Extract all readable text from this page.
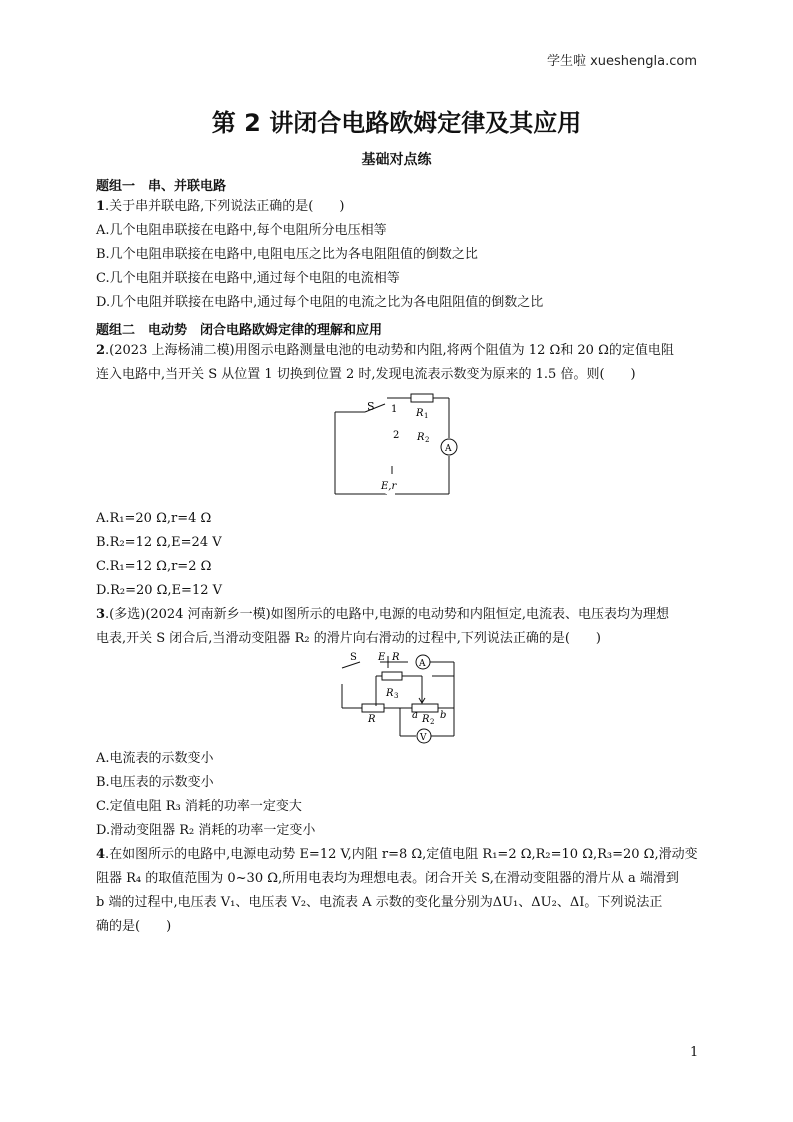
学生啦 xueshengla.com
第 2 讲闭合电路欧姆定律及其应用
基础对点练
题组一　串、并联电路
1.关于串并联电路,下列说法正确的是(　　)
A.几个电阻串联接在电路中,每个电阻所分电压相等
B.几个电阻串联接在电路中,电阻电压之比为各电阻阻值的倒数之比
C.几个电阻并联接在电路中,通过每个电阻的电流相等
D.几个电阻并联接在电路中,通过每个电阻的电流之比为各电阻阻值的倒数之比
题组二　电动势　闭合电路欧姆定律的理解和应用
2.(2023 上海杨浦二模)用图示电路测量电池的电动势和内阻,将两个阻值为 12 Ω和 20 Ω的定值电阻
连入电路中,当开关 S 从位置 1 切换到位置 2 时,发现电流表示数变为原来的 1.5 倍。则(　　)
S 1
2
R 1
R 2
A
E,r
A.R₁=20 Ω,r=4 Ω
B.R₂=12 Ω,E=24 V
C.R₁=12 Ω,r=2 Ω
D.R₂=20 Ω,E=12 V
3.(多选)(2024 河南新乡一模)如图所示的电路中,电源的电动势和内阻恒定,电流表、电压表均为理想
电表,开关 S 闭合后,当滑动变阻器 R₂ 的滑片向右滑动的过程中,下列说法正确的是(　　)
S E R
A
R 3
R	a R 2
b
V
A.电流表的示数变小
B.电压表的示数变小
C.定值电阻 R₃ 消耗的功率一定变大
D.滑动变阻器 R₂ 消耗的功率一定变小
4.在如图所示的电路中,电源电动势 E=12 V,内阻 r=8 Ω,定值电阻 R₁=2 Ω,R₂=10 Ω,R₃=20 Ω,滑动变
阻器 R₄ 的取值范围为 0~30 Ω,所用电表均为理想电表。闭合开关 S,在滑动变阻器的滑片从 a 端滑到
b 端的过程中,电压表 V₁、电压表 V₂、电流表 A 示数的变化量分别为ΔU₁、ΔU₂、ΔI。下列说法正
确的是(　　)
1
